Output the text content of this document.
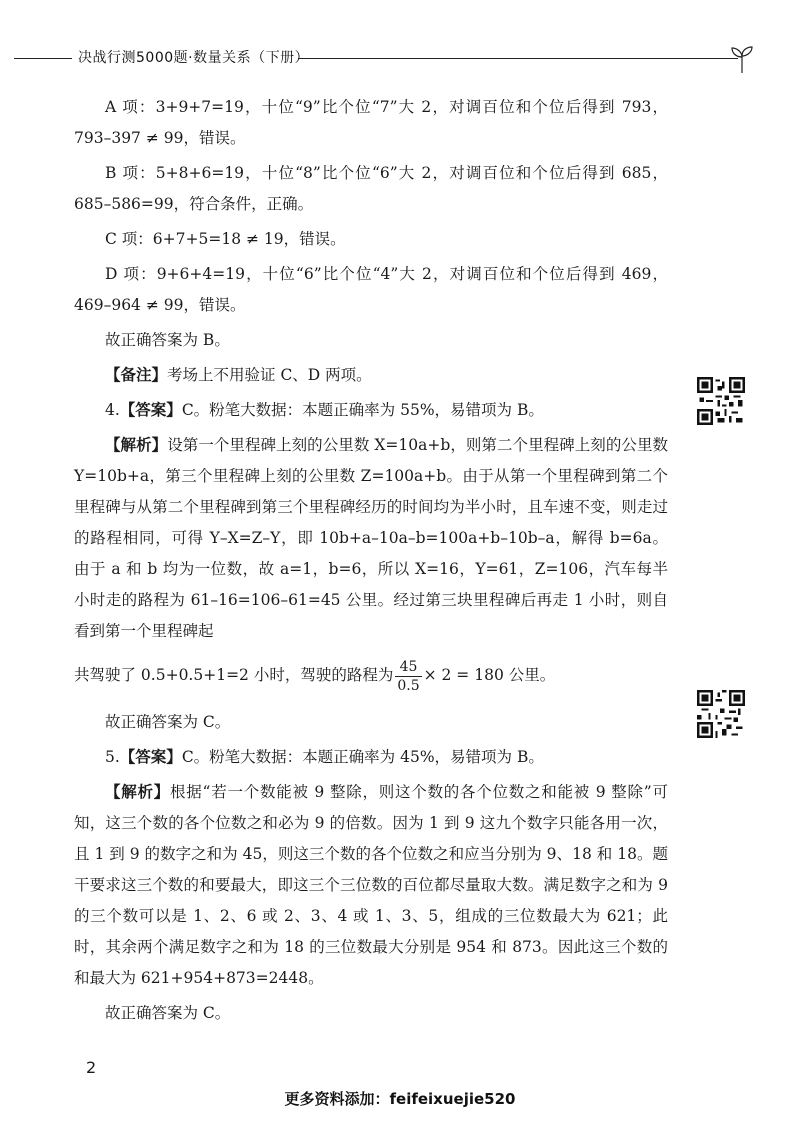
决战行测5000题·数量关系（下册）

A 项：3+9+7=19，十位“9”比个位“7”大 2，对调百位和个位后得到 793，793–397 ≠ 99，错误。

B 项：5+8+6=19，十位“8”比个位“6”大 2，对调百位和个位后得到 685，685–586=99，符合条件，正确。

C 项：6+7+5=18 ≠ 19，错误。

D 项：9+6+4=19，十位“6”比个位“4”大 2，对调百位和个位后得到 469，469–964 ≠ 99，错误。

故正确答案为 B。

【备注】考场上不用验证 C、D 两项。

4.【答案】C。粉笔大数据：本题正确率为 55%，易错项为 B。

【解析】设第一个里程碑上刻的公里数 X=10a+b，则第二个里程碑上刻的公里数 Y=10b+a，第三个里程碑上刻的公里数 Z=100a+b。由于从第一个里程碑到第二个里程碑与从第二个里程碑到第三个里程碑经历的时间均为半小时，且车速不变，则走过的路程相同，可得 Y–X=Z–Y，即 10b+a–10a–b=100a+b–10b–a，解得 b=6a。由于 a 和 b 均为一位数，故 a=1，b=6，所以 X=16，Y=61，Z=106，汽车每半小时走的路程为 61–16=106–61=45 公里。经过第三块里程碑后再走 1 小时，则自看到第一个里程碑起

共驾驶了 0.5+0.5+1=2 小时，驾驶的路程为 $\frac{45}{0.5} \times 2 = 180$ 公里。

故正确答案为 C。

5.【答案】C。粉笔大数据：本题正确率为 45%，易错项为 B。

【解析】根据“若一个数能被 9 整除，则这个数的各个位数之和能被 9 整除”可知，这三个数的各个位数之和必为 9 的倍数。因为 1 到 9 这九个数字只能各用一次，且 1 到 9 的数字之和为 45，则这三个数的各个位数之和应当分别为 9、18 和 18。题干要求这三个数的和要最大，即这三个三位数的百位都尽量取大数。满足数字之和为 9 的三个数可以是 1、2、6 或 2、3、4 或 1、3、5，组成的三位数最大为 621；此时，其余两个满足数字之和为 18 的三位数最大分别是 954 和 873。因此这三个数的和最大为 621+954+873=2448。

故正确答案为 C。

2
更多资料添加：feifeixuejie520
